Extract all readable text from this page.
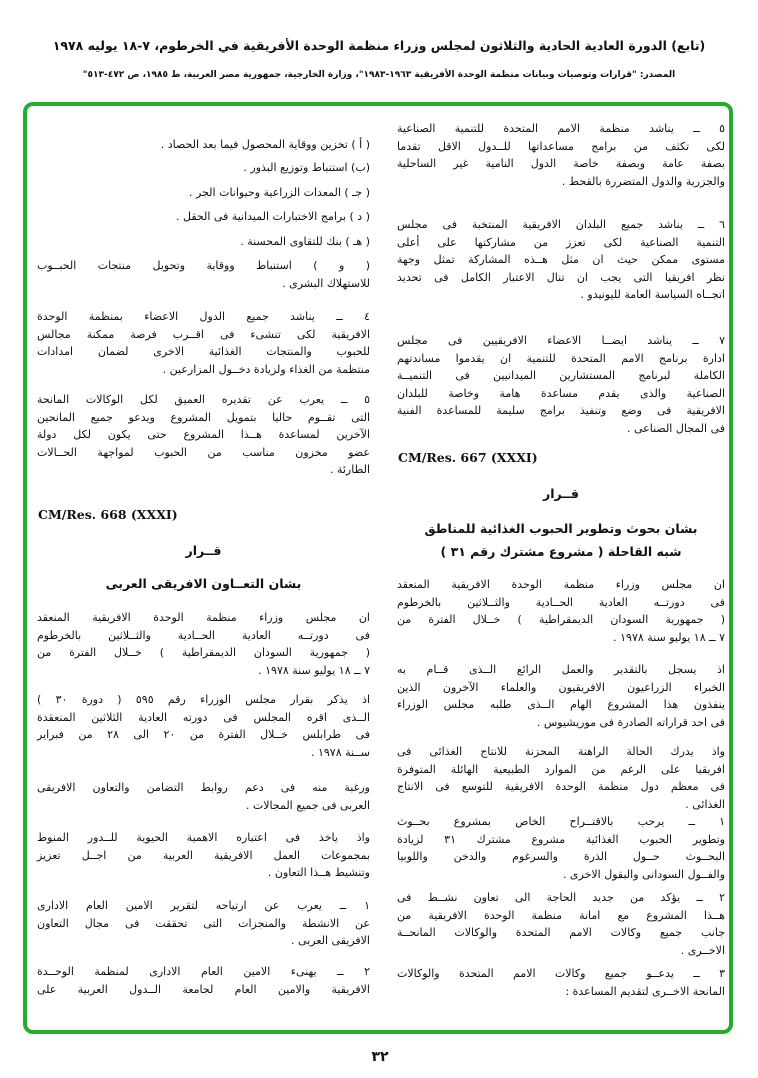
(تابع) الدورة العادية الحادية والثلاثون لمجلس وزراء منظمة الوحدة الأفريقية في الخرطوم، ٧-١٨ يوليه ١٩٧٨
المصدر: "قرارات وتوصيات وبيانات منظمة الوحدة الأفريقية ١٩٦٣-١٩٨٣"، وزارة الخارجية، جمهورية مصر العربية، ط ١٩٨٥، ص ٤٧٢-٥١٣"
٥ ــ يناشد منظمة الامم المتحدة للتنمية الصناعية
لكى تكثف من برامج مساعداتها للــدول الاقل تقدما
بصفة عامة وبصفة خاصة الدول النامية غير الساحلية
والجزرية والدول المتضررة بالقحط .
٦ ــ يناشد جميع البلدان الافريقية المنتخبة فى مجلس
التنمية الصناعية لكى تعزز من مشاركتها على أعلى
مستوى ممكن حيث ان مثل هــذه المشاركة تمثل وجهة
نظر افريقيا التى يجب ان تنال الاعتبار الكامل فى تحديد
اتجــاه السياسة العامة لليونيدو .
٧ ــ يناشد ايضــا الاعضاء الافريقيين فى مجلس
ادارة برنامج الامم المتحدة للتنمية ان يقدموا مساندتهم
الكاملة لبرنامج المستشارين الميدانيين فى التنميــة
الصناعية والذى يقدم مساعدة هامة وخاصة للبلدان
الافريقية فى وضع وتنفيذ برامج سليمة للمساعدة الفنية
فى المجال الصناعى .
CM/Res. 667 (XXXI)
قــرار
بشان بحوث وتطوير الحبوب الغذائية للمناطق
شبه القاحلة ( مشروع مشترك رقم ٣١ )
ان مجلس وزراء منظمة الوحدة الافريقية المنعقد
فى دورتــه العادية الحــادية والثــلاثين بالخرطوم
( جمهورية السودان الديمقراطية ) خــلال الفترة من
٧ ــ ١٨ يوليو سنة ١٩٧٨ .
اذ يسجل بالتقدير والعمل الرائع الــذى قــام به
الخبراء الزراعيون الافريقيون والعلماء الآخرون الذين
ينفذون هذا المشروع الهام الــذى طلبه مجلس الوزراء
فى احد قراراته الصادرة فى موريشيوس .
واذ يدرك الحالة الراهنة المحزنة للانتاج الغذائى فى
افريقيا على الرغم من الموارد الطبيعية الهائلة المتوفرة
فى معظم دول منظمة الوحدة الافريقية للتوسع فى الانتاج
الغذائى .
١ ــ يرحب بالاقتــراح الخاص بمشروع بحــوث
وتطوير الحبوب الغذائية مشروع مشترك ٣١ لزيادة
البحــوث حــول الذرة والسرغوم والدخن واللوبيا
والفــول السودانى والبقول الاخرى .
٢ ــ يؤكد من جديد الحاجة الى تعاون نشــط فى
هــذا المشروع مع امانة منظمة الوحدة الافريقية من
جانب جميع وكالات الامم المتحدة والوكالات المانحــة
الاخــرى .
٣ ــ يدعــو جميع وكالات الامم المتحدة والوكالات
المانحة الاخــرى لتقديم المساعدة :
( أ ) تخزين ووقاية المحصول فيما بعد الحصاد .
(ب) استنباط وتوزيع البذور .
( جـ ) المعدات الزراعية وحيوانات الجر .
( د ) برامج الاختبارات الميدانية فى الحقل .
( هـ ) بنك للتقاوى المحسنة .
( و ) استنباط ووقاية وتحويل منتجات الحبــوب
للاستهلاك البشرى .
٤ ــ يناشد جميع الدول الاعضاء بمنظمة الوحدة
الافريقية لكى تنشىء فى اقــرب فرصة ممكنة مجالس
للحبوب والمنتجات الغذائية الاخرى لضمان امدادات
منتظمة من الغذاء ولزيادة دخــول المزارعين .
٥ ــ يعرب عن تقديره العميق لكل الوكالات المانحة
التى تقــوم حاليا بتمويل المشروع ويدعو جميع المانحين
الآخرين لمساعدة هــذا المشروع حتى يكون لكل دولة
عضو مخزون مناسب من الحبوب لمواجهة الحــالات
الطارئة .
CM/Res. 668 (XXXI)
قــرار
بشان التعــاون الافريقى العربى
ان مجلس وزراء منظمة الوحدة الافريقية المنعقد
فى دورتــه العادية الحــادية والثــلاثين بالخرطوم
( جمهورية السودان الديمقراطية ) خــلال الفترة من
٧ ــ ١٨ يوليو سنة ١٩٧٨ .
اذ يذكر بقرار مجلس الوزراء رقم ٥٩٥ ( دورة ٣٠ )
الــذى اقره المجلس فى دورته العادية الثلاثين المنعقدة
فى طرابلس خــلال الفترة من ٢٠ الى ٢٨ من فبراير
ســنة ١٩٧٨ .
ورغبة منه فى دعم روابط التضامن والتعاون الافريقى
العربى فى جميع المجالات .
واذ ياخذ فى اعتباره الاهمية الحيوية للــدور المنوط
بمجموعات العمل الافريقية العربية من اجــل تعزيز
وتنشيط هــذا التعاون .
١ ــ يعرب عن ارتياحه لتقرير الامين العام الادارى
عن الانشطة والمنجزات التى تحققت فى مجال التعاون
الافريقى العربى .
٢ ــ يهنىء الامين العام الادارى لمنظمة الوحــدة
الافريقية والامين العام لجامعة الــدول العربية على
٣٢
